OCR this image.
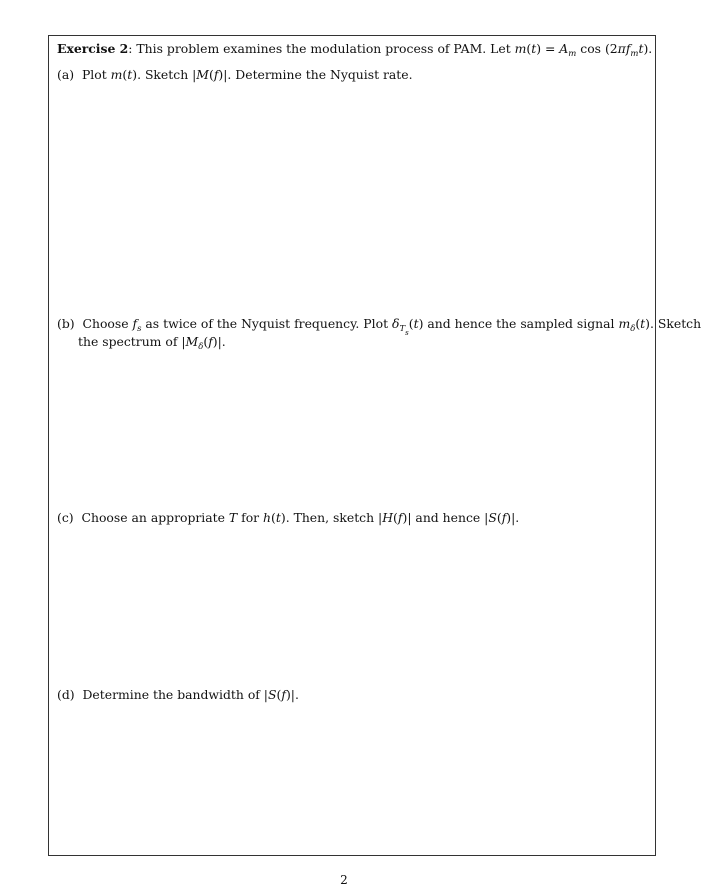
Exercise 2: This problem examines the modulation process of PAM. Let $m(t) = A_m$ $\cos (2\pi f_mt)$.
(a) Plot m(t). Sketch |M(f)|. Determine the Nyquist rate.
(b) Choose $f_s$ as twice of the Nyquist frequency. Plot $\delta_{T_s}(t)$ and hence the sampled signal $m_\delta(t)$. Sketch
the spectrum of $|M_\delta(f)|$.
(c) Choose an appropriate T for h(t). Then, sketch |H(f)| and hence |S(f)|.
(d) Determine the bandwidth of |S(f)|.
2
